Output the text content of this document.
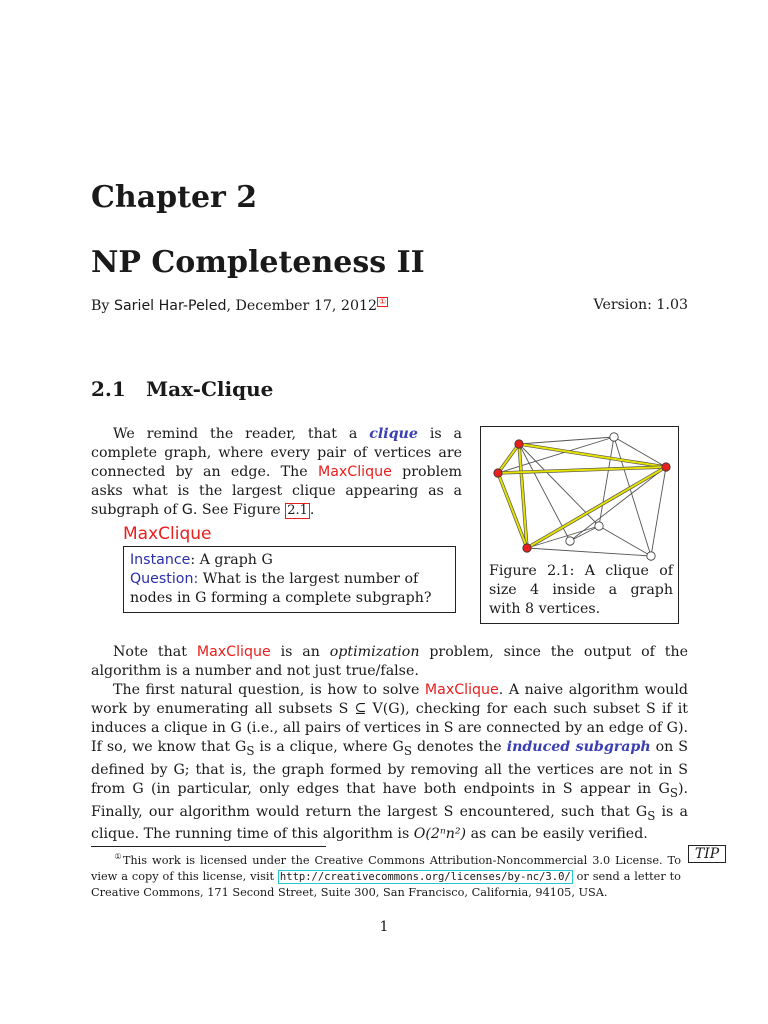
Chapter 2
NP Completeness II
By Sariel Har-Peled, December 17, 2012 ①	Version: 1.03
2.1 Max-Clique
We remind the reader, that a clique is a complete graph, where every pair of vertices are connected by an edge. The MaxClique problem asks what is the largest clique appearing as a subgraph of G. See Figure 2.1 .
MaxClique
Instance: A graph G
Question: What is the largest number of nodes in G forming a complete subgraph?
Figure 2.1: A clique of size 4 inside a graph with 8 vertices.
Note that MaxClique is an optimization problem, since the output of the algorithm is a number and not just true/false.
The first natural question, is how to solve MaxClique. A naive algorithm would work by enumerating all subsets S ⊆ V(G), checking for each such subset S if it induces a clique in G (i.e., all pairs of vertices in S are connected by an edge of G). If so, we know that $G_S$ is a clique, where $G_S$ denotes the induced subgraph on S defined by G; that is, the graph formed by removing all the vertices are not in S from G (in particular, only edges that have both endpoints in S appear in $G_S$). Finally, our algorithm would return the largest S encountered, such that $G_S$ is a clique. The running time of this algorithm is O(2ⁿn²) as can be easily verified.
①This work is licensed under the Creative Commons Attribution-Noncommercial 3.0 License. To view a copy of this license, visit http://creativecommons.org/licenses/by-nc/3.0/ or send a letter to Creative Commons, 171 Second Street, Suite 300, San Francisco, California, 94105, USA.
TIP
1
